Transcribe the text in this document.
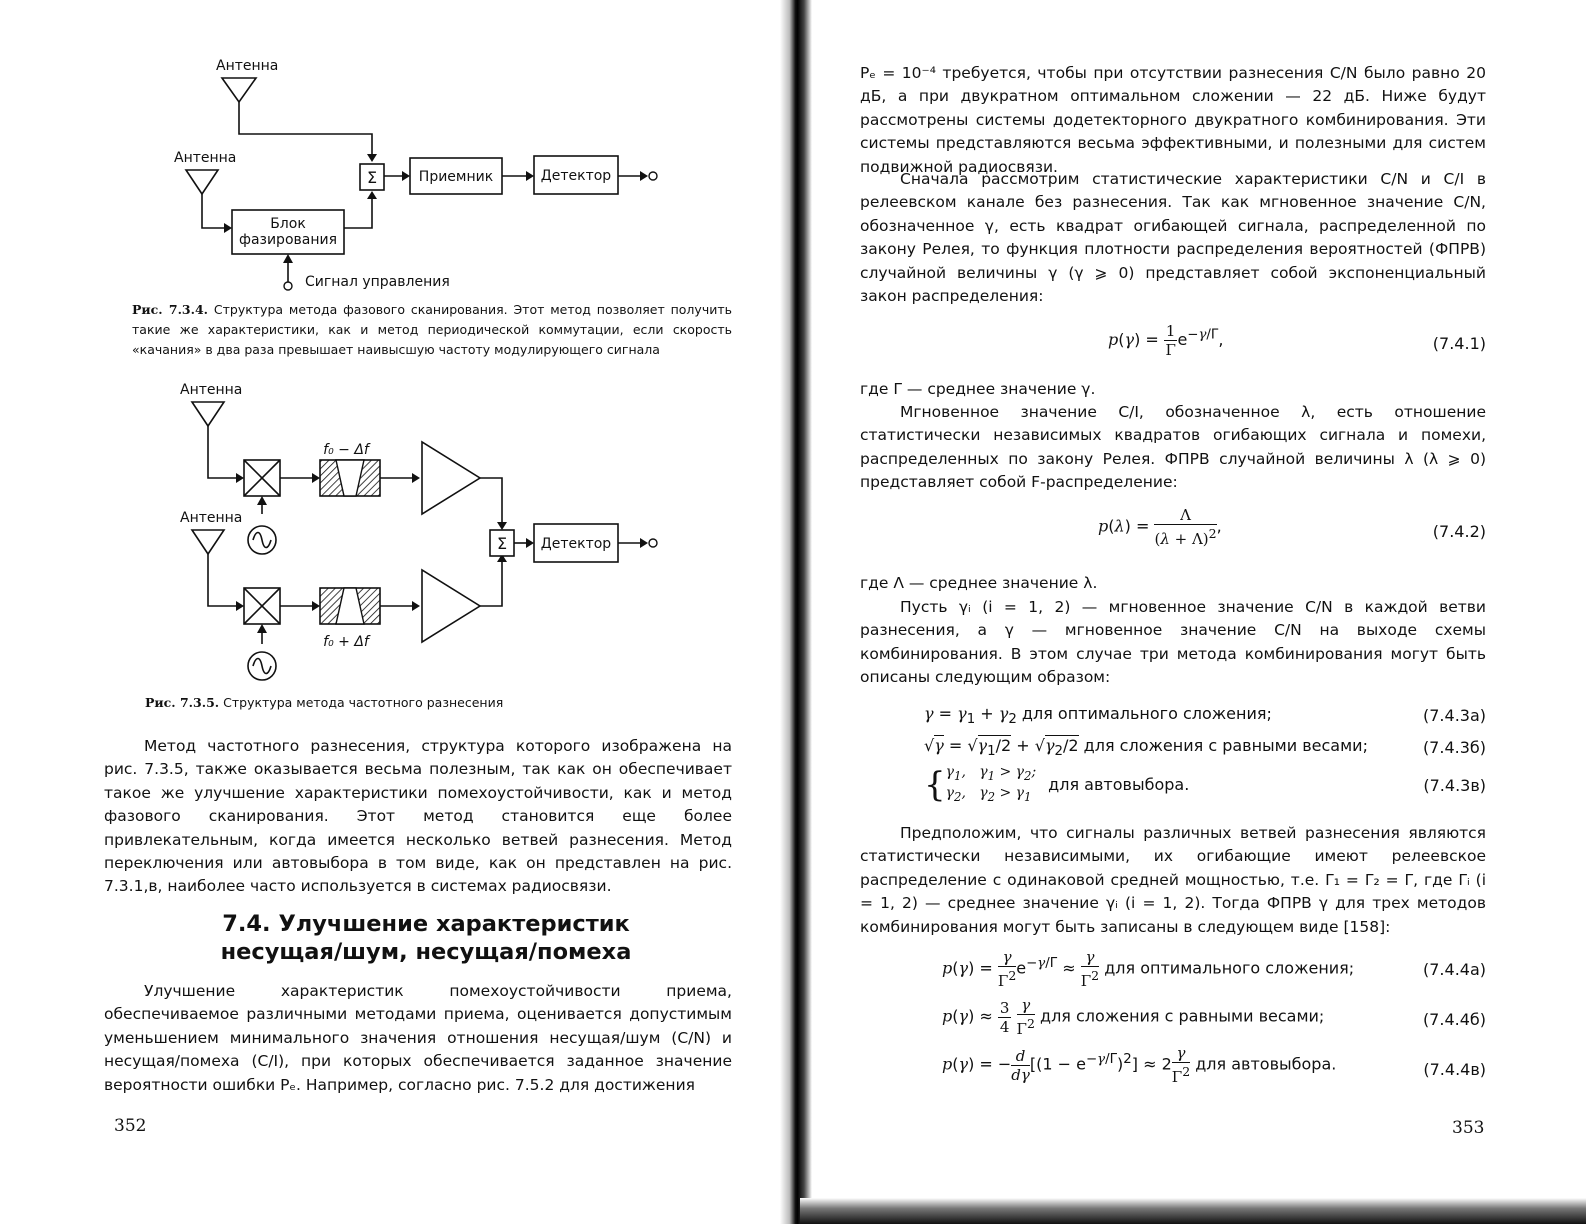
Антенна
Антенна
Блок
фазирования
Σ	Приемник	Детектор
Сигнал управления
Рис. 7.3.4. Структура метода фазового сканирования. Этот метод позволяет получить такие же характеристики, как и метод периодической коммутации, если скорость «качания» в два раза превышает наивысшую частоту модулирующего сигнала
Антенна
Антенна
f₀ − Δf
f₀ + Δf
Σ Детектор
Рис. 7.3.5. Структура метода частотного разнесения

Метод частотного разнесения, структура которого изображена на рис. 7.3.5, также оказывается весьма полезным, так как он обеспечивает такое же улучшение характеристики помехоустойчивости, как и метод фазового сканирования. Этот метод становится еще более привлекательным, когда имеется несколько ветвей разнесения. Метод переключения или автовыбора в том виде, как он представлен на рис. 7.3.1,в, наиболее часто используется в системах радиосвязи.

7.4. Улучшение характеристик

несущая/шум, несущая/помеха

Улучшение характеристик помехоустойчивости приема, обеспечиваемое различными методами приема, оценивается допустимым уменьшением минимального значения отношения несущая/шум (C/N) и несущая/помеха (C/I), при которых обеспечивается заданное значение вероятности ошибки Pₑ. Например, согласно рис. 7.5.2 для достижения

352

Pₑ = 10⁻⁴ требуется, чтобы при отсутствии разнесения C/N было равно 20 дБ, а при двукратном оптимальном сложении — 22 дБ. Ниже будут рассмотрены системы додетекторного двукратного комбинирования. Эти системы представляются весьма эффективными, и полезными для систем подвижной радиосвязи.

Сначала рассмотрим статистические характеристики C/N и C/I в релеевском канале без разнесения. Так как мгновенное значение C/N, обозначенное γ, есть квадрат огибающей сигнала, распределенной по закону Релея, то функция плотности распределения вероятностей (ФПРВ) случайной величины γ (γ ⩾ 0) представляет собой экспоненциальный закон распределения:

$p(\gamma) = \frac{1}{\Gamma} e^{-\gamma/\Gamma}$,	(7.4.1)

где Γ — среднее значение γ.

Мгновенное значение C/I, обозначенное λ, есть отношение статистически независимых квадратов огибающих сигнала и помехи, распределенных по закону Релея. ФПРВ случайной величины λ (λ ⩾ 0) представляет собой F-распределение:

$p(\lambda) = \frac{\Lambda}{(\lambda + \Lambda)^2}$ ,	(7.4.2)

где Λ — среднее значение λ.

Пусть γᵢ (i = 1, 2) — мгновенное значение C/N в каждой ветви разнесения, а γ — мгновенное значение C/N на выходе схемы комбинирования. В этом случае три метода комбинирования могут быть описаны следующим образом:

$\gamma = \gamma_1 + \gamma_2$ для оптимального сложения;	(7.4.3а)
$√\gamma = √\gamma_1/2 + √\gamma_2/2$ для сложения с равными весами;	(7.4.3б)
{ $\gamma_1$,   $\gamma_1 > \gamma_2$;
$\gamma_2$,   $\gamma_2 > \gamma_1$
для автовыбора.	(7.4.3в)

Предположим, что сигналы различных ветвей разнесения являются статистически независимыми, их огибающие имеют релеевское распределение с одинаковой средней мощностью, т.е. Γ₁ = Γ₂ = Γ, где Γᵢ (i = 1, 2) — среднее значение γᵢ (i = 1, 2). Тогда ФПРВ γ для трех методов комбинирования могут быть записаны в следующем виде [158]:

$p(\gamma) = \frac{\gamma}{\Gamma^2} e^{-\gamma/\Gamma} \approx \frac{\gamma}{\Gamma^2}$ для оптимального сложения;	(7.4.4а)
$p(\gamma) \approx \frac{3}{4}$
$\frac{\gamma}{\Gamma^2}$ для сложения с равными весами;	(7.4.4б)
p(γ) = − $\frac{d}{d\gamma} [(1 - e^{-\gamma/\Gamma})^2] \approx 2 \frac{\gamma}{\Gamma^2}$ для автовыбора.	(7.4.4в)
353
